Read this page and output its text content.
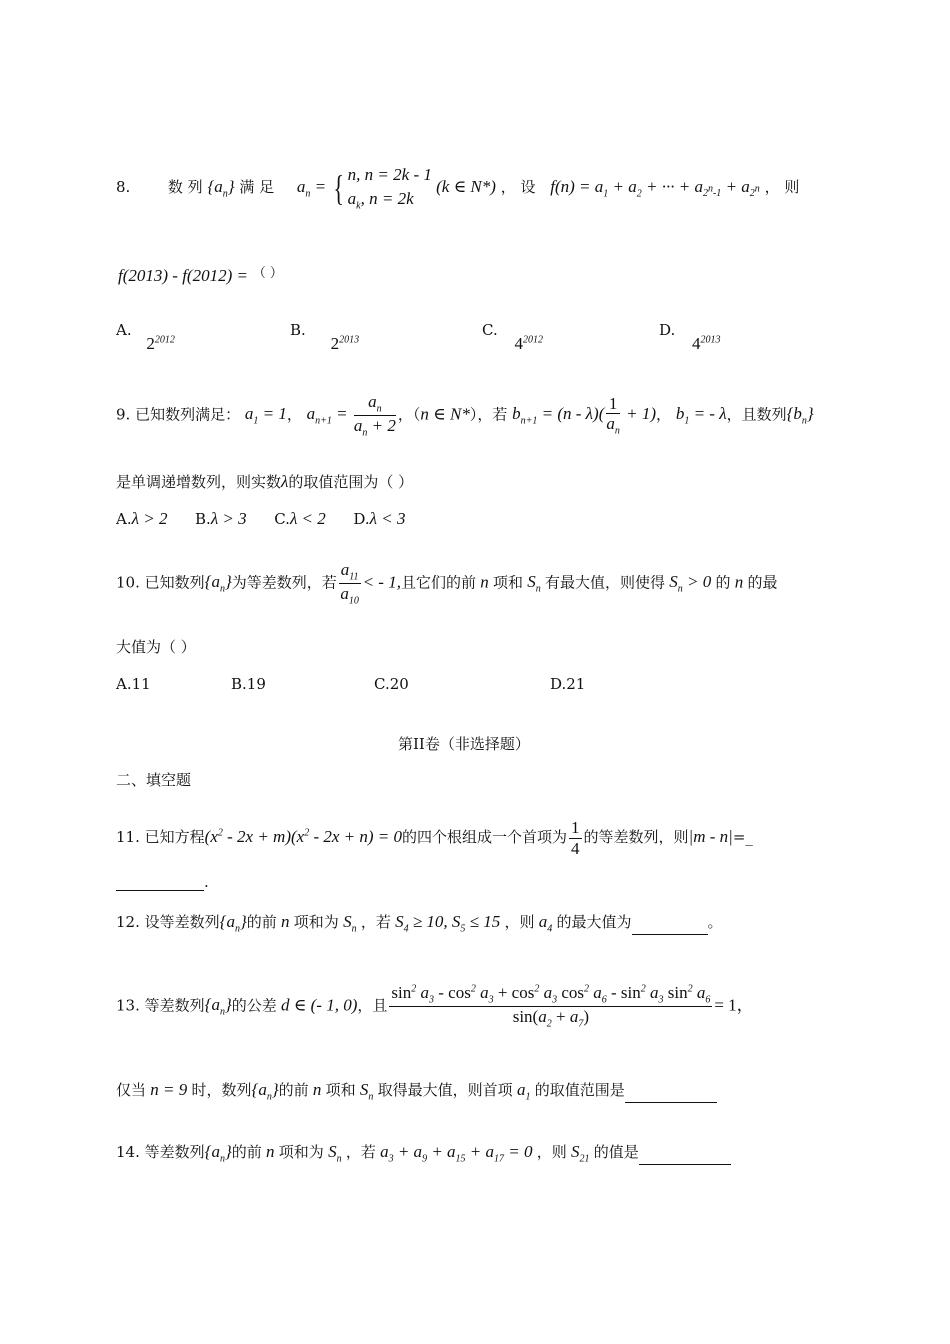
8.	数 列 $\{a_n\}$ 满 足 $a_n$ = { n, n = 2k - 1
$a_k$, n = 2k (k ∈ N*) ， 设 $f(n) = a_1 + a_2$ + ··· + $a_{2^n-1} + a_{2^n}$ ， 则
f(2013) - f(2012) = （ ）
A. $2^{2012}$
B. $2^{2013}$
C. $4^{2012}$
D. $4^{2013}$
9. 已知数列满足： $a_1 = 1$， $a_{n+1} = \frac{a_n}{a_n + 2}$ ，（n ∈ N*），若 $b_{n+1} = (n - \lambda)( \frac{1}{a_n} + 1)$， $b_1$ = - λ，且数列$\{b_n\}$
是单调递增数列，则实数λ的取值范围为（ ）
A.λ > 2 B.λ > 3 C.λ < 2 D.λ < 3
10. 已知数列$\{a_n\}$为等差数列，若 $\frac{a_{11}}{a_{10}}$ < - 1,且它们的前 n 项和 $S_n$ 有最大值，则使得 $S_n > 0$ 的 n 的最
大值为（ ）
A.11	B.19	C.20	D.21
第II卷（非选择题）
二、填空题
11. 已知方程$(x^2 - 2x + m)(x^2 - 2x + n) = 0$的四个根组成一个首项为 $\frac{1}{4}$ 的等差数列，则|m - n|=_
.
12. 设等差数列$\{a_n\}$的前 n 项和为 $S_n$ ，若 $S_4 \ge 10$, $S_5 \le 15$ ，则 $a_4$ 的最大值为	。
13. 等差数列$\{a_n\}$的公差 d ∈ (- 1, 0)，且 $\frac{\sin^2 a_3 - \cos^2 a_3 + \cos^2 a_3 \cos^2 a_6 - \sin^2 a_3 \sin^2 a_6}{\sin(a_2 + a_7)} = 1$，
仅当 n = 9 时，数列$\{a_n\}$的前 n 项和 $S_n$ 取得最大值，则首项 $a_1$ 的取值范围是
14. 等差数列$\{a_n\}$的前 n 项和为 $S_n$ ，若 $a_3 + a_9 + a_{15} + a_{17} = 0$ ，则 $S_{21}$ 的值是
